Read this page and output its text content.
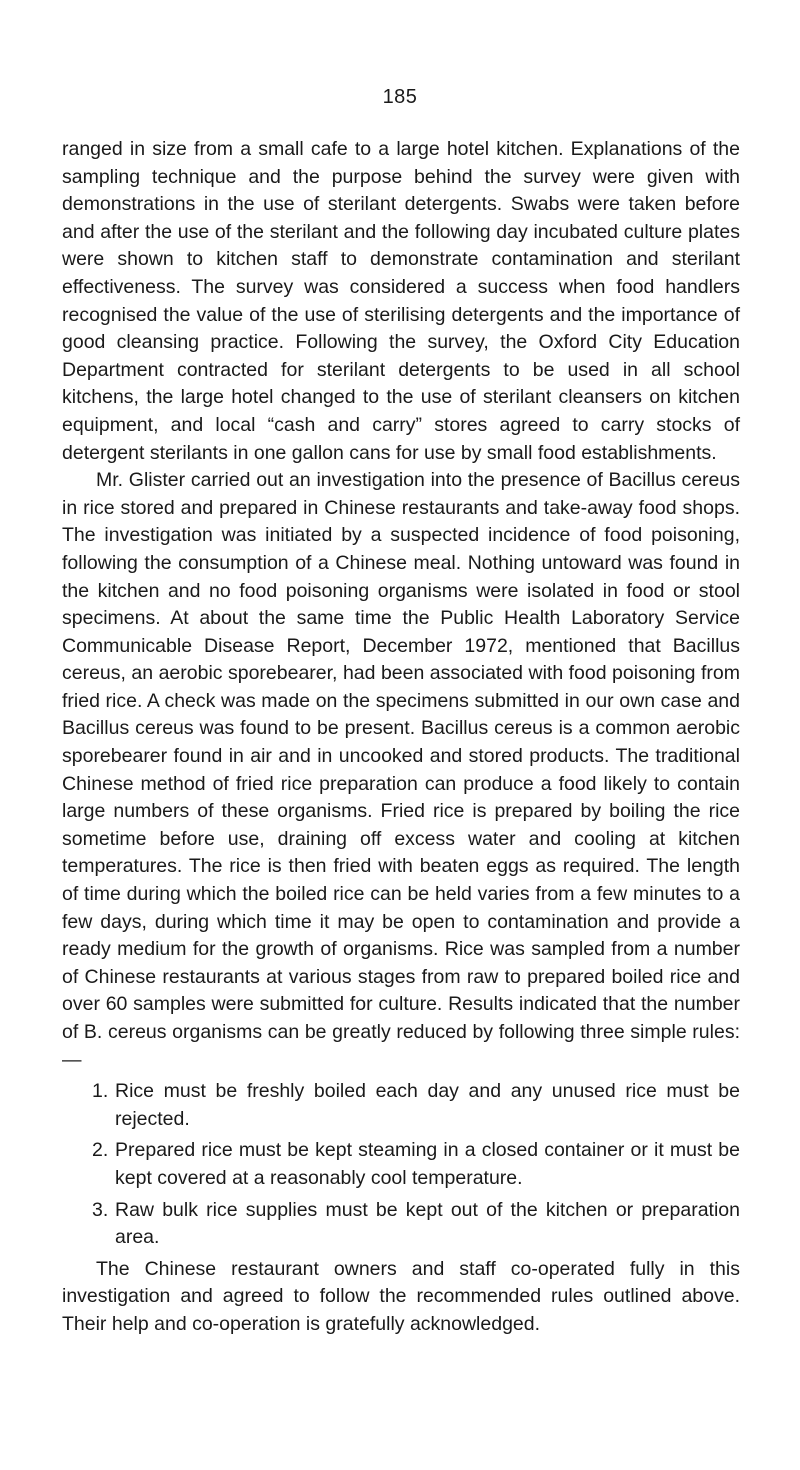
185

ranged in size from a small cafe to a large hotel kitchen. Explanations of the sampling technique and the purpose behind the survey were given with demonstrations in the use of sterilant detergents. Swabs were taken before and after the use of the sterilant and the following day incubated culture plates were shown to kitchen staff to demonstrate contamination and sterilant effectiveness. The survey was considered a success when food handlers recognised the value of the use of sterilising detergents and the importance of good cleansing practice. Following the survey, the Oxford City Education Department contracted for sterilant detergents to be used in all school kitchens, the large hotel changed to the use of sterilant cleansers on kitchen equipment, and local “cash and carry” stores agreed to carry stocks of detergent sterilants in one gallon cans for use by small food establishments.

Mr. Glister carried out an investigation into the presence of Bacillus cereus in rice stored and prepared in Chinese restaurants and take-away food shops. The investigation was initiated by a suspected incidence of food poisoning, following the consumption of a Chinese meal. Nothing untoward was found in the kitchen and no food poisoning organisms were isolated in food or stool specimens. At about the same time the Public Health Laboratory Service Communicable Disease Report, December 1972, mentioned that Bacillus cereus, an aerobic sporebearer, had been associated with food poisoning from fried rice. A check was made on the specimens submitted in our own case and Bacillus cereus was found to be present. Bacillus cereus is a common aerobic sporebearer found in air and in uncooked and stored products. The traditional Chinese method of fried rice preparation can produce a food likely to contain large numbers of these organisms. Fried rice is prepared by boiling the rice sometime before use, draining off excess water and cooling at kitchen temperatures. The rice is then fried with beaten eggs as required. The length of time during which the boiled rice can be held varies from a few minutes to a few days, during which time it may be open to contamination and provide a ready medium for the growth of organisms. Rice was sampled from a number of Chinese restaurants at various stages from raw to prepared boiled rice and over 60 samples were submitted for culture. Results indicated that the number of B. cereus organisms can be greatly reduced by following three simple rules:—

1. Rice must be freshly boiled each day and any unused rice must be rejected.
2. Prepared rice must be kept steaming in a closed container or it must be kept covered at a reasonably cool temperature.
3. Raw bulk rice supplies must be kept out of the kitchen or preparation area.

The Chinese restaurant owners and staff co-operated fully in this investigation and agreed to follow the recommended rules outlined above. Their help and co-operation is gratefully acknowledged.
